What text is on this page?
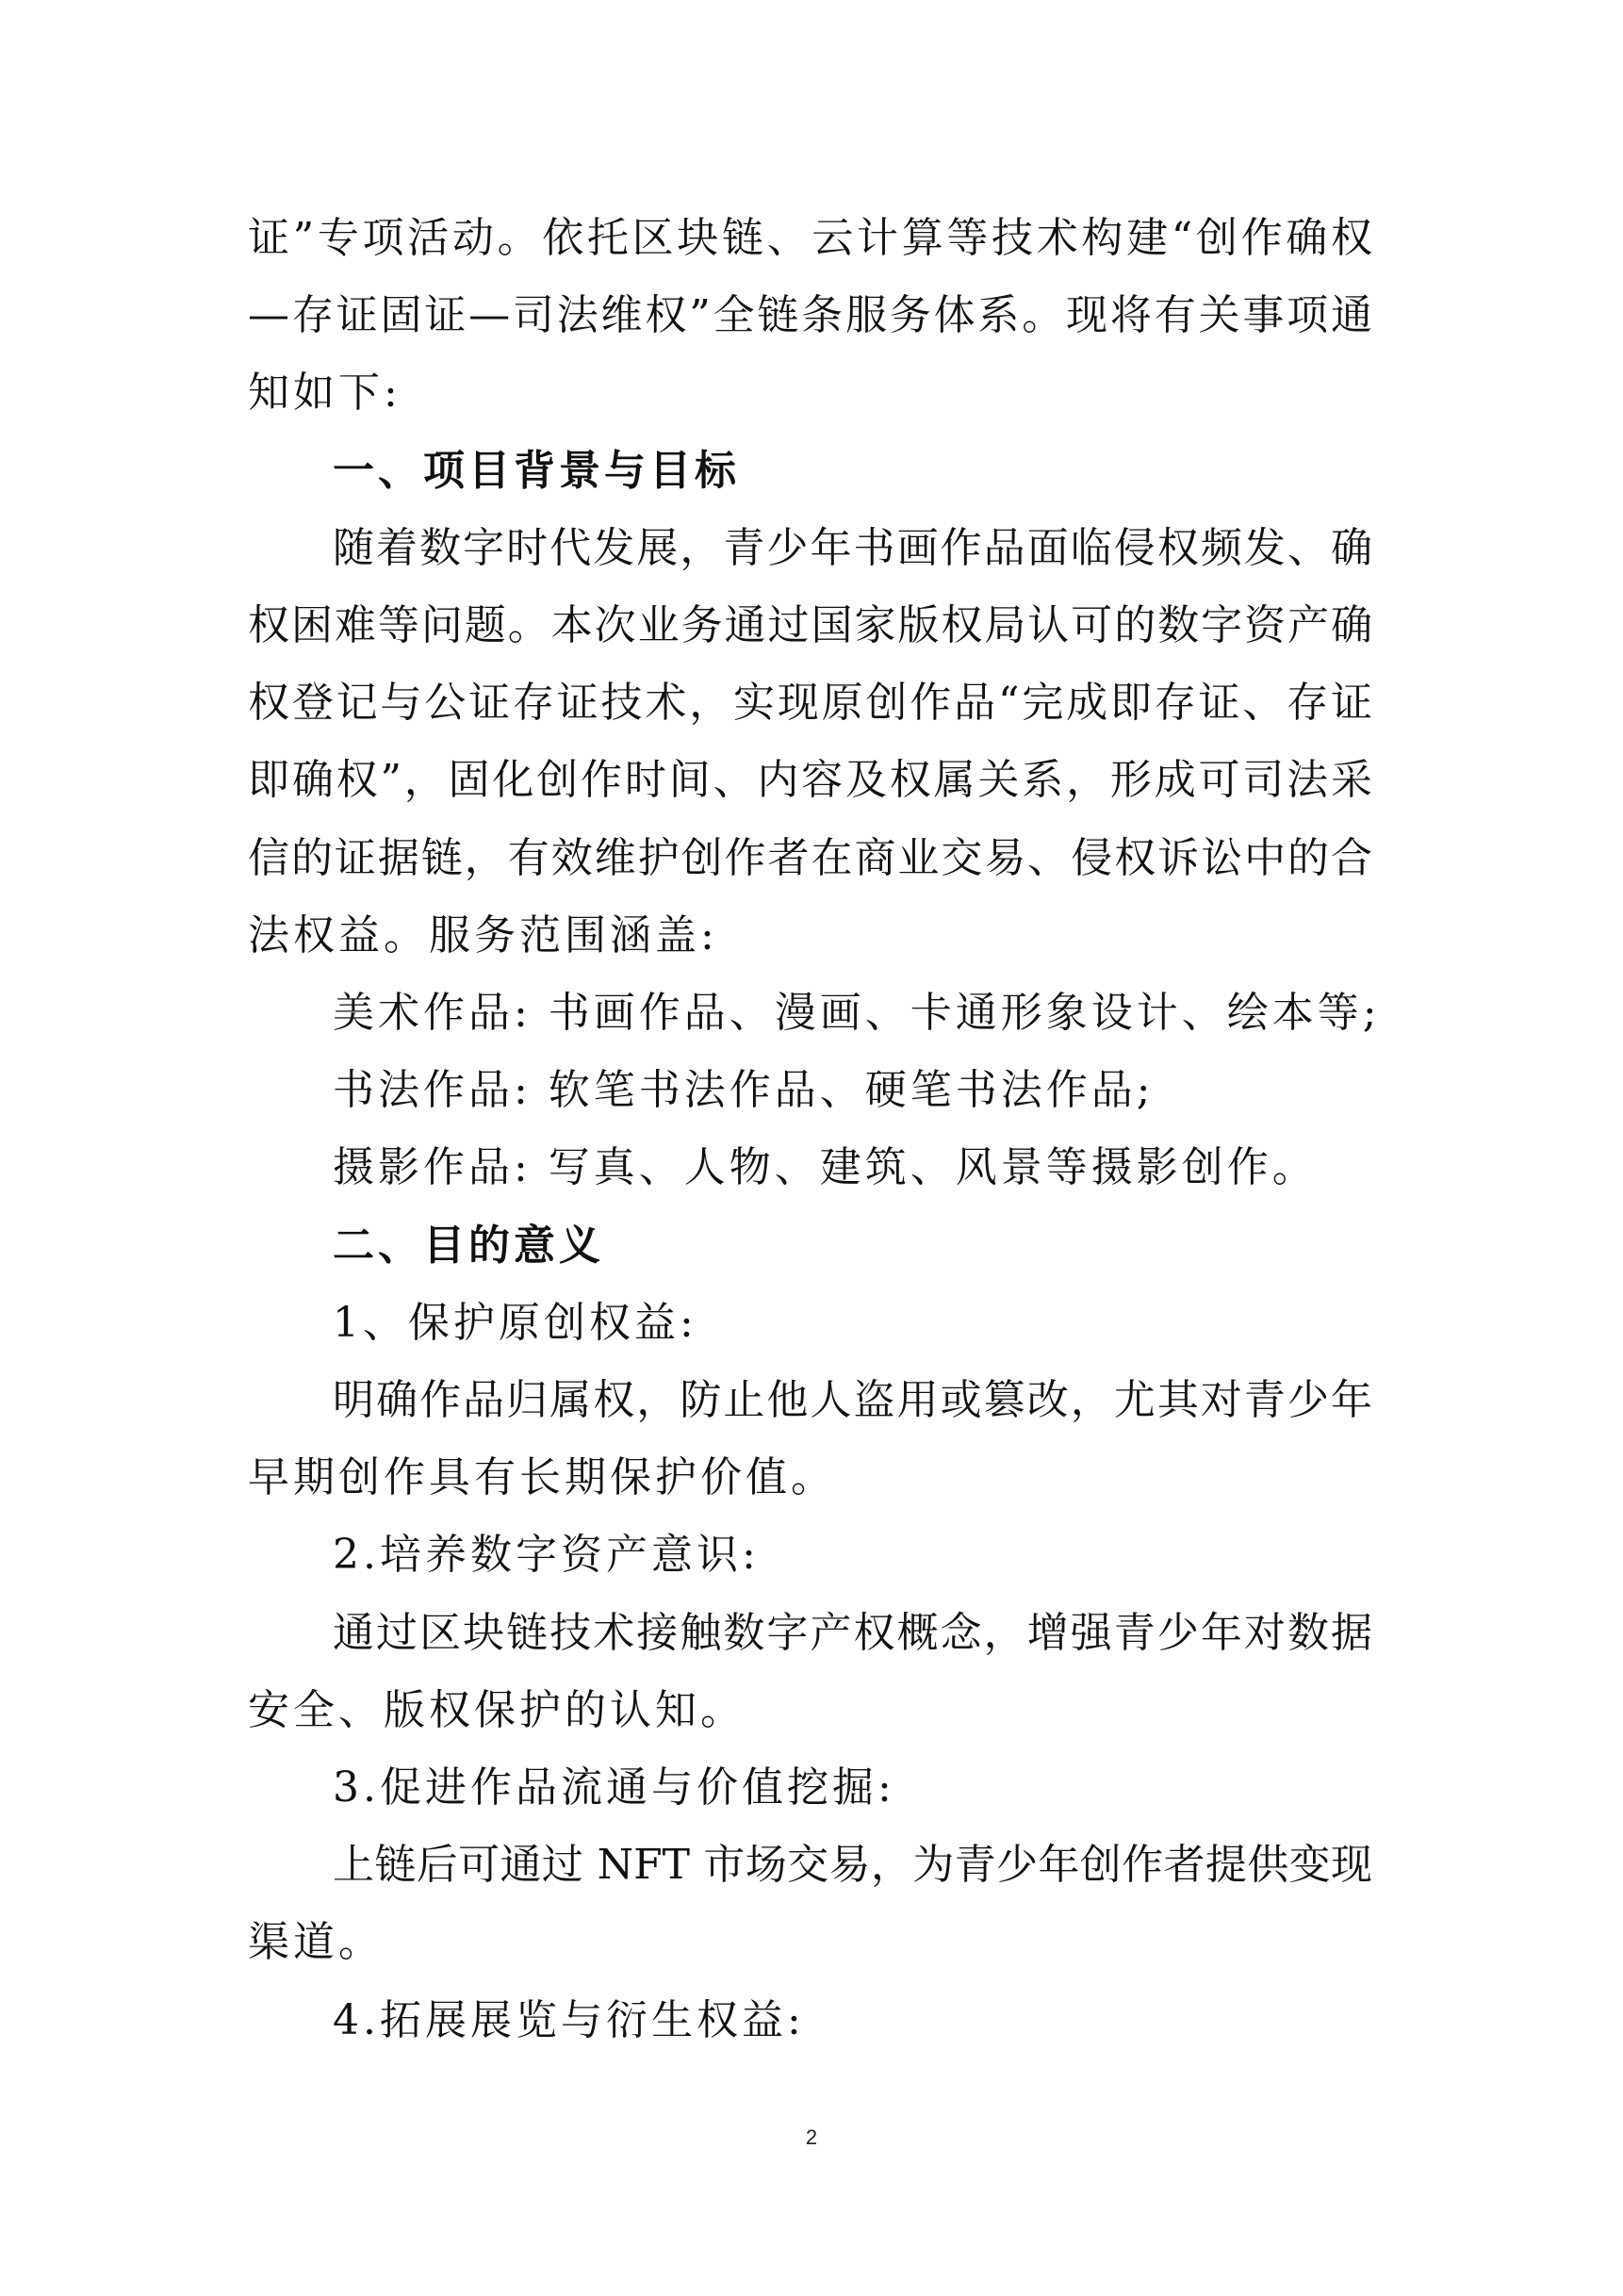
证”专项活动。依托区块链、云计算等技术构建“创作确权
—存证固证—司法维权”全链条服务体系。现将有关事项通
知如下:
一、项目背景与目标
随着数字时代发展，青少年书画作品面临侵权频发、确
权困难等问题。本次业务通过国家版权局认可的数字资产确
权登记与公证存证技术，实现原创作品“完成即存证、存证
即确权”，固化创作时间、内容及权属关系，形成可司法采
信的证据链，有效维护创作者在商业交易、侵权诉讼中的合
法权益。服务范围涵盖:
美术作品: 书画作品、漫画、卡通形象设计、绘本等;
书法作品: 软笔书法作品、硬笔书法作品;
摄影作品: 写真、人物、建筑、风景等摄影创作。
二、目的意义
1、保护原创权益:
明确作品归属权，防止他人盗用或篡改，尤其对青少年
早期创作具有长期保护价值。
2.培养数字资产意识:
通过区块链技术接触数字产权概念，增强青少年对数据
安全、版权保护的认知。
3.促进作品流通与价值挖掘:
上链后可通过 NFT 市场交易，为青少年创作者提供变现
渠道。
4.拓展展览与衍生权益:
2
